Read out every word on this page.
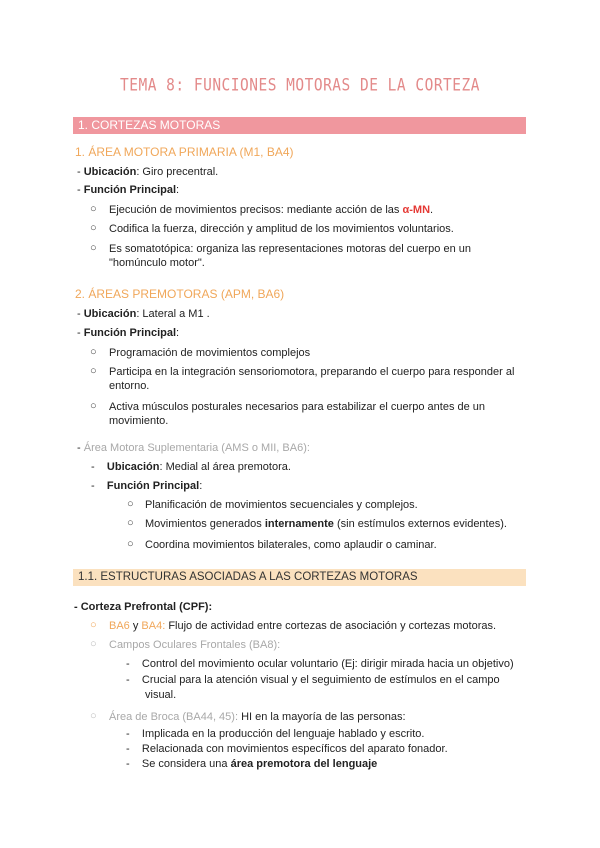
TEMA 8: FUNCIONES MOTORAS DE LA CORTEZA
1. CORTEZAS MOTORAS
1. ÁREA MOTORA PRIMARIA (M1, BA4)
- Ubicación: Giro precentral.
- Función Principal:
○ Ejecución de movimientos precisos: mediante acción de las α-MN.
○ Codifica la fuerza, dirección y amplitud de los movimientos voluntarios.
○ Es somatotópica: organiza las representaciones motoras del cuerpo en un
"homúnculo motor".
2. ÁREAS PREMOTORAS (APM, BA6)
- Ubicación: Lateral a M1 .
- Función Principal:
○ Programación de movimientos complejos
○ Participa en la integración sensoriomotora, preparando el cuerpo para responder al
entorno.
○ Activa músculos posturales necesarios para estabilizar el cuerpo antes de un
movimiento.
- Área Motora Suplementaria (AMS o MII, BA6):
- Ubicación: Medial al área premotora.
- Función Principal:
○ Planificación de movimientos secuenciales y complejos.
○ Movimientos generados internamente (sin estímulos externos evidentes).
○ Coordina movimientos bilaterales, como aplaudir o caminar.
1.1. ESTRUCTURAS ASOCIADAS A LAS CORTEZAS MOTORAS
- Corteza Prefrontal (CPF):
○ BA6 y BA4: Flujo de actividad entre cortezas de asociación y cortezas motoras.
○ Campos Oculares Frontales (BA8):
- Control del movimiento ocular voluntario (Ej: dirigir mirada hacia un objetivo)
- Crucial para la atención visual y el seguimiento de estímulos en el campo
visual.
○ Área de Broca (BA44, 45): HI en la mayoría de las personas:
- Implicada en la producción del lenguaje hablado y escrito.
- Relacionada con movimientos específicos del aparato fonador.
- Se considera una área premotora del lenguaje
